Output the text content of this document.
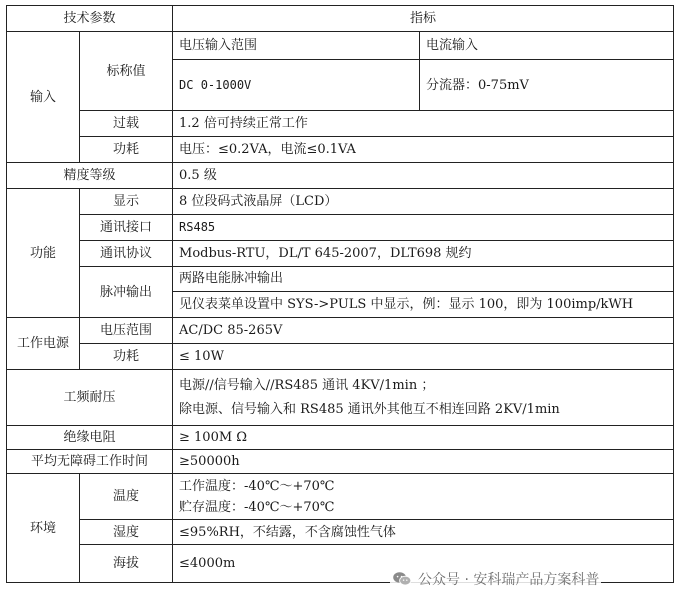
技术参数		指标	
输入	标称值	电压输入范围	电流输入
		DC 0-1000V	分流器：0-75mV
	过载	1.2 倍可持续正常工作	
	功耗	电压：≤0.2VA，电流≤0.1VA	
精度等级		0.5 级	
功能	显示	8 位段码式液晶屏（LCD）	
	通讯接口	RS485	
	通讯协议	Modbus-RTU，DL/T 645-2007，DLT698 规约	
	脉冲输出	两路电能脉冲输出
见仪表菜单设置中 SYS->PULS 中显示，例：显示 100，即为 100imp/kWH	

工作电源	电压范围	AC/DC 85-265V	
	功耗	≤ 10W	
工频耐压		电源//信号输入//RS485 通讯 4KV/1min ；
除电源、信号输入和 RS485 通讯外其他互不相连回路 2KV/1min	

绝缘电阻		≥ 100M Ω	
平均无障碍工作时间		≥50000h	
环境	温度	工作温度：-40℃～+70℃
贮存温度：-40℃～+70℃	

	湿度	≤95%RH，不结露，不含腐蚀性气体	
	海拔	≤4000m	
公众号 · 安科瑞产品方案科普
